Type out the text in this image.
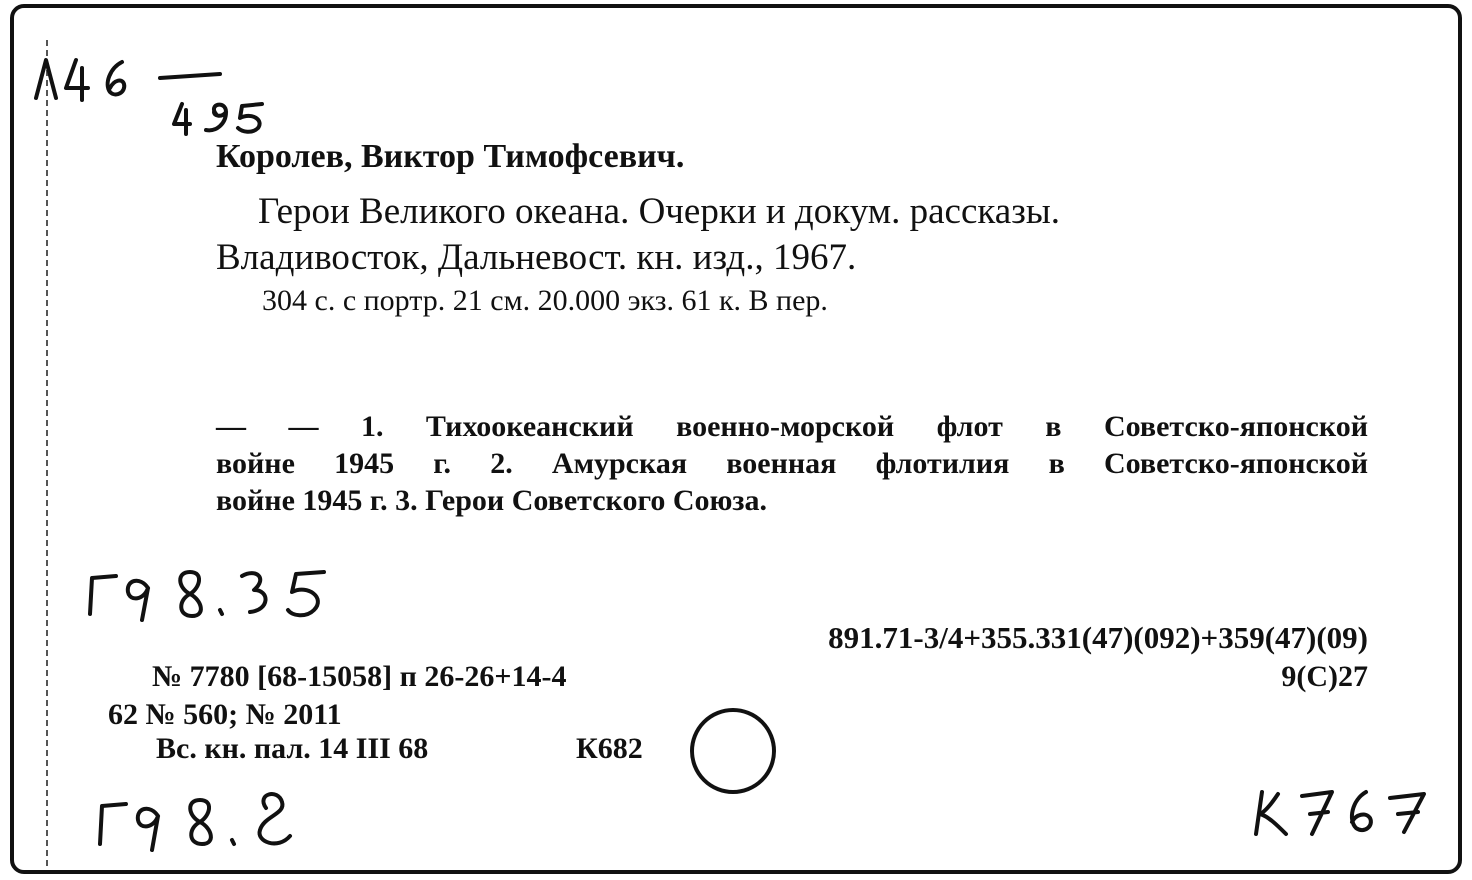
Королев, Виктор Тимофсевич.
Герои Великого океана. Очерки и докум. рассказы.
Владивосток, Дальневост. кн. изд., 1967.
304 с. с портр. 21 см. 20.000 экз. 61 к. В пер.
— — 1. Тихоокеанский военно-морской флот в Советско-японской
войне 1945 г. 2. Амурская военная флотилия в Советско-японской
войне 1945 г. 3. Герои Советского Союза.
891.71-3/4+355.331(47)(092)+359(47)(09)
№ 7780 [68-15058] п 26-26+14-4	9(С)27
62 № 560; № 2011
Вс. кн. пал. 14 III 68	К682
